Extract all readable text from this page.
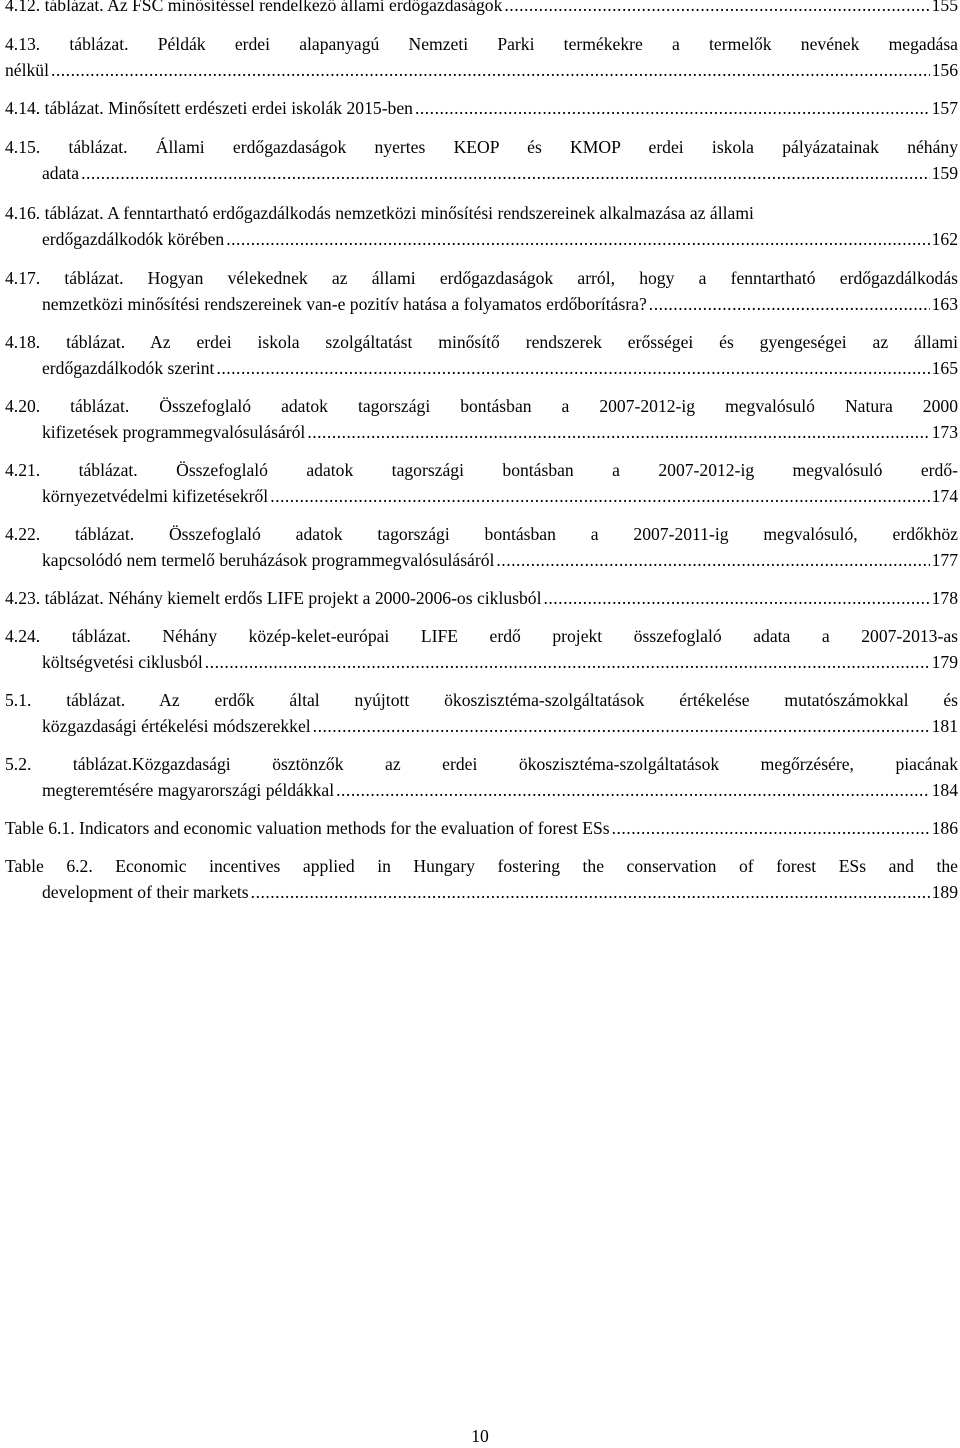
4.12. táblázat. Az FSC minősítéssel rendelkező állami erdőgazdaságok .....	155
4.13. táblázat. Példák erdei alapanyagú Nemzeti Parki termékekre a termelők nevének megadása
nélkül .....	156
4.14. táblázat. Minősített erdészeti erdei iskolák 2015-ben .....	157
4.15. táblázat. Állami erdőgazdaságok nyertes KEOP és KMOP erdei iskola pályázatainak néhány
adata .....	159
4.16. táblázat. A fenntartható erdőgazdálkodás nemzetközi minősítési rendszereinek alkalmazása az állami
erdőgazdálkodók körében .....	162
4.17. táblázat. Hogyan vélekednek az állami erdőgazdaságok arról, hogy a fenntartható erdőgazdálkodás
nemzetközi minősítési rendszereinek van-e pozitív hatása a folyamatos erdőborításra? .....	163
4.18. táblázat. Az erdei iskola szolgáltatást minősítő rendszerek erősségei és gyengeségei az állami
erdőgazdálkodók szerint .....	165
4.20. táblázat. Összefoglaló adatok tagországi bontásban a 2007-2012-ig megvalósuló Natura 2000
kifizetések programmegvalósulásáról .....	173
4.21. táblázat. Összefoglaló adatok tagországi bontásban a 2007-2012-ig megvalósuló erdő-
környezetvédelmi kifizetésekről .....	174
4.22. táblázat. Összefoglaló adatok tagországi bontásban a 2007-2011-ig megvalósuló, erdőkhöz
kapcsolódó nem termelő beruházások programmegvalósulásáról .....	177
4.23. táblázat. Néhány kiemelt erdős LIFE projekt a 2000-2006-os ciklusból .....	178
4.24. táblázat. Néhány közép-kelet-európai LIFE erdő projekt összefoglaló adata a 2007-2013-as
költségvetési ciklusból .....	179
5.1. táblázat. Az erdők által nyújtott ökoszisztéma-szolgáltatások értékelése mutatószámokkal és
közgazdasági értékelési módszerekkel .....	181
5.2. táblázat.Közgazdasági ösztönzők az erdei ökoszisztéma-szolgáltatások megőrzésére, piacának
megteremtésére magyarországi példákkal .....	184
Table 6.1. Indicators and economic valuation methods for the evaluation of forest ESs .....	186
Table 6.2. Economic incentives applied in Hungary fostering the conservation of forest ESs and the
development of their markets .....	189
10
